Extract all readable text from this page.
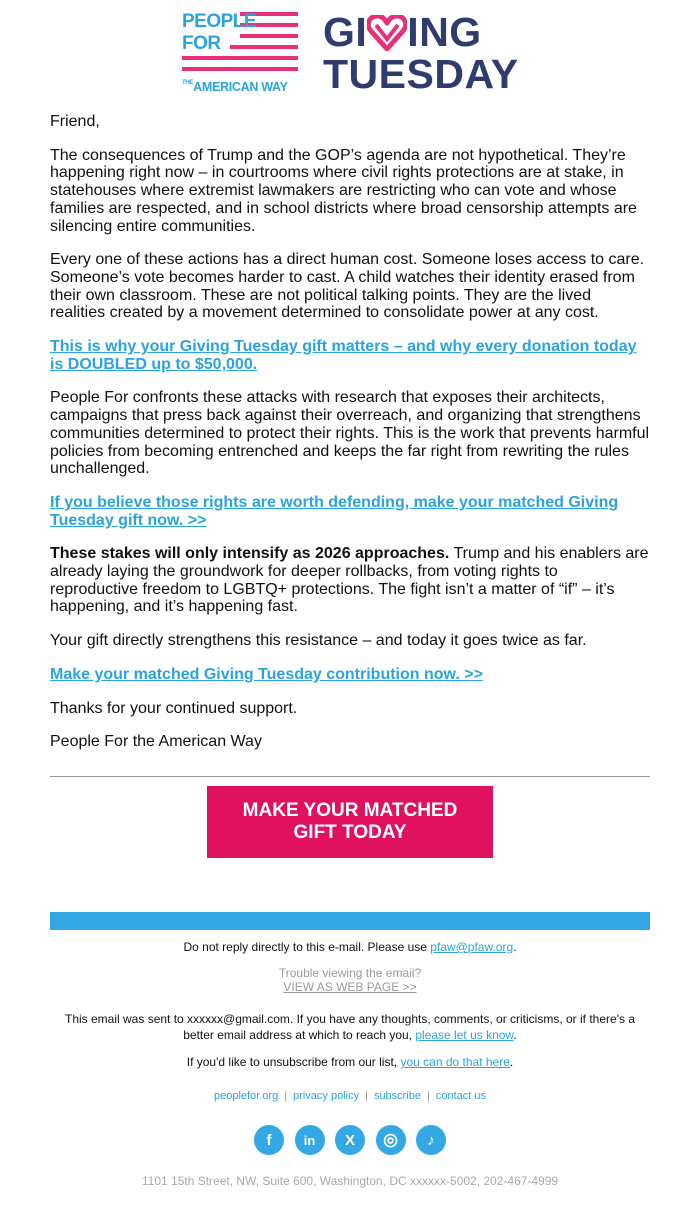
PEOPLE
FOR
$^{THE}$AMERICAN WAY
GI ING
TUESDAY

Friend,

The consequences of Trump and the GOP’s agenda are not hypothetical. They’re happening right now – in courtrooms where civil rights protections are at stake, in statehouses where extremist lawmakers are restricting who can vote and whose families are respected, and in school districts where broad censorship attempts are silencing entire communities.

Every one of these actions has a direct human cost. Someone loses access to care. Someone’s vote becomes harder to cast. A child watches their identity erased from their own classroom. These are not political talking points. They are the lived realities created by a movement determined to consolidate power at any cost.

This is why your Giving Tuesday gift matters – and why every donation today is DOUBLED up to $50,000.

People For confronts these attacks with research that exposes their architects, campaigns that press back against their overreach, and organizing that strengthens communities determined to protect their rights. This is the work that prevents harmful policies from becoming entrenched and keeps the far right from rewriting the rules unchallenged.

If you believe those rights are worth defending, make your matched Giving Tuesday gift now. >>

These stakes will only intensify as 2026 approaches. Trump and his enablers are already laying the groundwork for deeper rollbacks, from voting rights to reproductive freedom to LGBTQ+ protections. The fight isn’t a matter of “if” – it’s happening, and it’s happening fast.

Your gift directly strengthens this resistance – and today it goes twice as far.

Make your matched Giving Tuesday contribution now. >>

Thanks for your continued support.

People For the American Way

MAKE YOUR MATCHED GIFT TODAY
Do not reply directly to this e-mail. Please use pfaw@pfaw.org.
Trouble viewing the email?
VIEW AS WEB PAGE >>
This email was sent to xxxxxx@gmail.com. If you have any thoughts, comments, or criticisms, or if there's a better email address at which to reach you, please let us know.
If you'd like to unsubscribe from our list, you can do that here.
peoplefor.org | privacy policy | subscribe | contact us
f	in	X	◎	♪
1101 15th Street, NW, Suite 600, Washington, DC xxxxxx-5002, 202-467-4999
